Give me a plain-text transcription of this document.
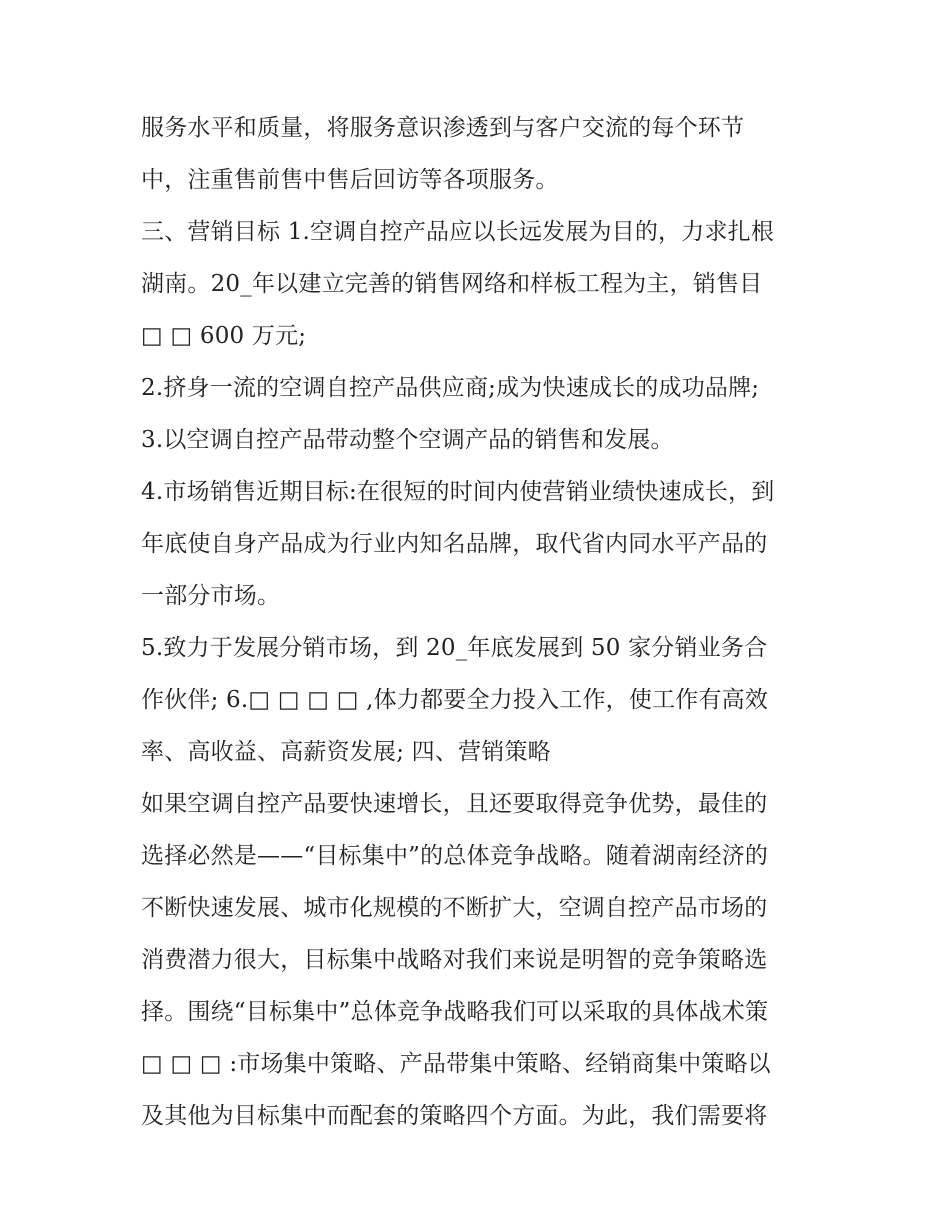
服务水平和质量，将服务意识渗透到与客户交流的每个环节
中，注重售前售中售后回访等各项服务。
三、营销目标 1.空调自控产品应以长远发展为目的，力求扎根
湖南。20_年以建立完善的销售网络和样板工程为主，销售目
□ □ 600 万元;
2.挤身一流的空调自控产品供应商;成为快速成长的成功品牌;
3.以空调自控产品带动整个空调产品的销售和发展。
4.市场销售近期目标:在很短的时间内使营销业绩快速成长，到
年底使自身产品成为行业内知名品牌，取代省内同水平产品的
一部分市场。
5.致力于发展分销市场，到 20_年底发展到 50 家分销业务合
作伙伴; 6.□ □ □ □ ,体力都要全力投入工作，使工作有高效
率、高收益、高薪资发展; 四、营销策略
如果空调自控产品要快速增长，且还要取得竞争优势，最佳的
选择必然是——“目标集中”的总体竞争战略。随着湖南经济的
不断快速发展、城市化规模的不断扩大，空调自控产品市场的
消费潜力很大，目标集中战略对我们来说是明智的竞争策略选
择。围绕“目标集中”总体竞争战略我们可以采取的具体战术策
□ □ □ :市场集中策略、产品带集中策略、经销商集中策略以
及其他为目标集中而配套的策略四个方面。为此，我们需要将
